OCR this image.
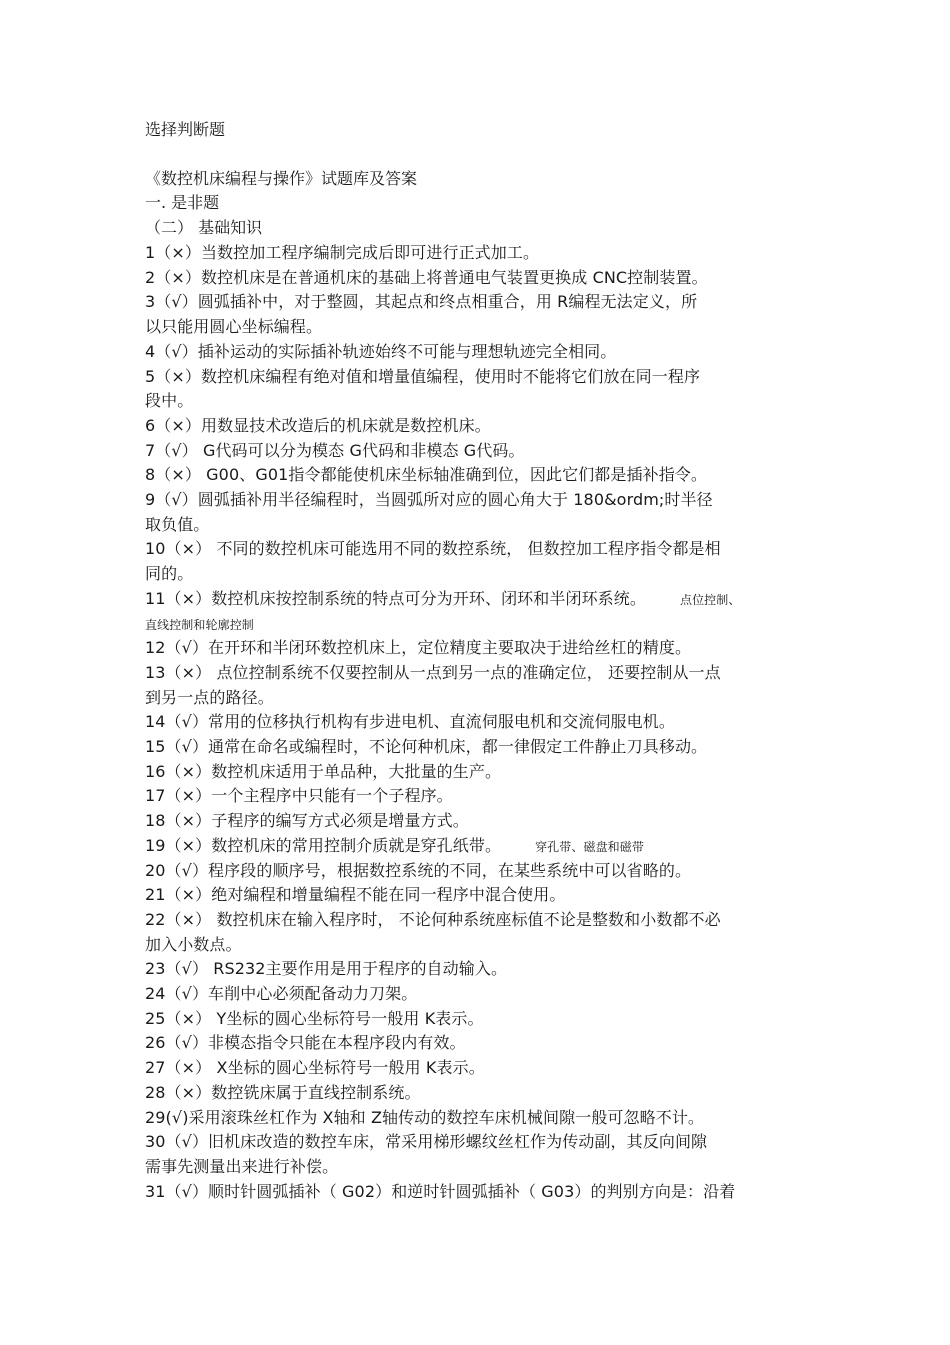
选择判断题
《数控机床编程与操作》试题库及答案
一. 是非题
（二） 基础知识
1（×）当数控加工程序编制完成后即可进行正式加工。
2（×）数控机床是在普通机床的基础上将普通电气装置更换成 CNC控制装置。
3（√）圆弧插补中，对于整圆，其起点和终点相重合，用 R编程无法定义，所
以只能用圆心坐标编程。
4（√）插补运动的实际插补轨迹始终不可能与理想轨迹完全相同。
5（×）数控机床编程有绝对值和增量值编程，使用时不能将它们放在同一程序
段中。
6（×）用数显技术改造后的机床就是数控机床。
7（√） G代码可以分为模态 G代码和非模态 G代码。
8（×） G00、G01指令都能使机床坐标轴准确到位，因此它们都是插补指令。
9（√）圆弧插补用半径编程时，当圆弧所对应的圆心角大于 180&ordm;时半径
取负值。
10（×） 不同的数控机床可能选用不同的数控系统， 但数控加工程序指令都是相
同的。
11（×）数控机床按控制系统的特点可分为开环、闭环和半闭环系统。	点位控制、
直线控制和轮廓控制
12（√）在开环和半闭环数控机床上，定位精度主要取决于进给丝杠的精度。
13（×） 点位控制系统不仅要控制从一点到另一点的准确定位， 还要控制从一点
到另一点的路径。
14（√）常用的位移执行机构有步进电机、直流伺服电机和交流伺服电机。
15（√）通常在命名或编程时，不论何种机床，都一律假定工件静止刀具移动。
16（×）数控机床适用于单品种，大批量的生产。
17（×）一个主程序中只能有一个子程序。
18（×）子程序的编写方式必须是增量方式。
19（×）数控机床的常用控制介质就是穿孔纸带。	穿孔带、磁盘和磁带
20（√）程序段的顺序号，根据数控系统的不同，在某些系统中可以省略的。
21（×）绝对编程和增量编程不能在同一程序中混合使用。
22（×） 数控机床在输入程序时， 不论何种系统座标值不论是整数和小数都不必
加入小数点。
23（√） RS232主要作用是用于程序的自动输入。
24（√）车削中心必须配备动力刀架。
25（×） Y坐标的圆心坐标符号一般用 K表示。
26（√）非模态指令只能在本程序段内有效。
27（×） X坐标的圆心坐标符号一般用 K表示。
28（×）数控铣床属于直线控制系统。
29(√)采用滚珠丝杠作为 X轴和 Z轴传动的数控车床机械间隙一般可忽略不计。
30（√）旧机床改造的数控车床，常采用梯形螺纹丝杠作为传动副，其反向间隙
需事先测量出来进行补偿。
31（√）顺时针圆弧插补（ G02）和逆时针圆弧插补（ G03）的判别方向是：沿着
